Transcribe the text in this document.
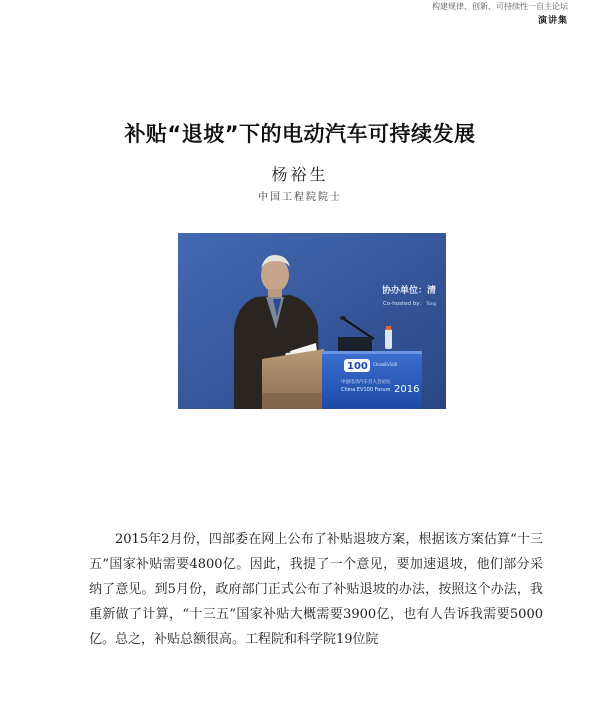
构建规律、创新、可持续性一自主论坛
演讲集
补贴“退坡”下的电动汽车可持续发展
杨裕生
中国工程院院士
协办单位：清
Co-hosted by： Tsing
100 ChinaEV100
中国电动汽车百人会论坛
China EV100 Forum 2016

2015年2月份，四部委在网上公布了补贴退坡方案，根据该方案估算“十三五”国家补贴需要4800亿。因此，我提了一个意见，要加速退坡，他们部分采纳了意见。到5月份，政府部门正式公布了补贴退坡的办法，按照这个办法，我重新做了计算，“十三五”国家补贴大概需要3900亿，也有人告诉我需要5000亿。总之，补贴总额很高。工程院和科学院19位院
